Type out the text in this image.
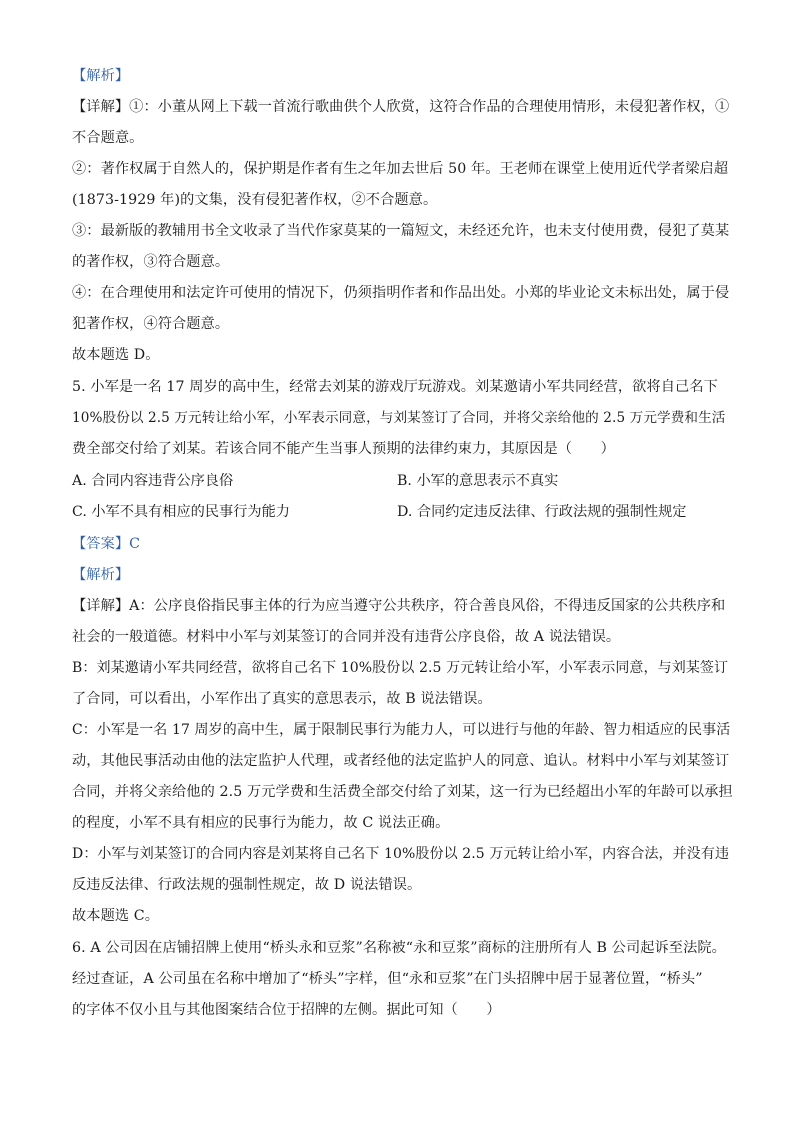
【解析】
【详解】①：小董从网上下载一首流行歌曲供个人欣赏，这符合作品的合理使用情形，未侵犯著作权，①
不合题意。
②：著作权属于自然人的，保护期是作者有生之年加去世后 50 年。王老师在课堂上使用近代学者梁启超
(1873-1929 年)的文集，没有侵犯著作权，②不合题意。
③：最新版的教辅用书全文收录了当代作家莫某的一篇短文，未经还允许，也未支付使用费，侵犯了莫某
的著作权，③符合题意。
④：在合理使用和法定许可使用的情况下，仍须指明作者和作品出处。小郑的毕业论文未标出处，属于侵
犯著作权，④符合题意。
故本题选 D。
5. 小军是一名 17 周岁的高中生，经常去刘某的游戏厅玩游戏。刘某邀请小军共同经营，欲将自己名下
10%股份以 2.5 万元转让给小军，小军表示同意，与刘某签订了合同，并将父亲给他的 2.5 万元学费和生活
费全部交付给了刘某。若该合同不能产生当事人预期的法律约束力，其原因是（　　）
A. 合同内容违背公序良俗	B. 小军的意思表示不真实
C. 小军不具有相应的民事行为能力	D. 合同约定违反法律、行政法规的强制性规定
【答案】C
【解析】
【详解】A：公序良俗指民事主体的行为应当遵守公共秩序，符合善良风俗，不得违反国家的公共秩序和
社会的一般道德。材料中小军与刘某签订的合同并没有违背公序良俗，故 A 说法错误。
B：刘某邀请小军共同经营，欲将自己名下 10%股份以 2.5 万元转让给小军，小军表示同意，与刘某签订
了合同，可以看出，小军作出了真实的意思表示，故 B 说法错误。
C：小军是一名 17 周岁的高中生，属于限制民事行为能力人，可以进行与他的年龄、智力相适应的民事活
动，其他民事活动由他的法定监护人代理，或者经他的法定监护人的同意、追认。材料中小军与刘某签订
合同，并将父亲给他的 2.5 万元学费和生活费全部交付给了刘某，这一行为已经超出小军的年龄可以承担
的程度，小军不具有相应的民事行为能力，故 C 说法正确。
D：小军与刘某签订的合同内容是刘某将自己名下 10%股份以 2.5 万元转让给小军，内容合法，并没有违
反违反法律、行政法规的强制性规定，故 D 说法错误。
故本题选 C。
6. A 公司因在店铺招牌上使用“桥头永和豆浆”名称被“永和豆浆”商标的注册所有人 B 公司起诉至法院。
经过查证，A 公司虽在名称中增加了“桥头”字样，但“永和豆浆”在门头招牌中居于显著位置，“桥头”
的字体不仅小且与其他图案结合位于招牌的左侧。据此可知（　　）
